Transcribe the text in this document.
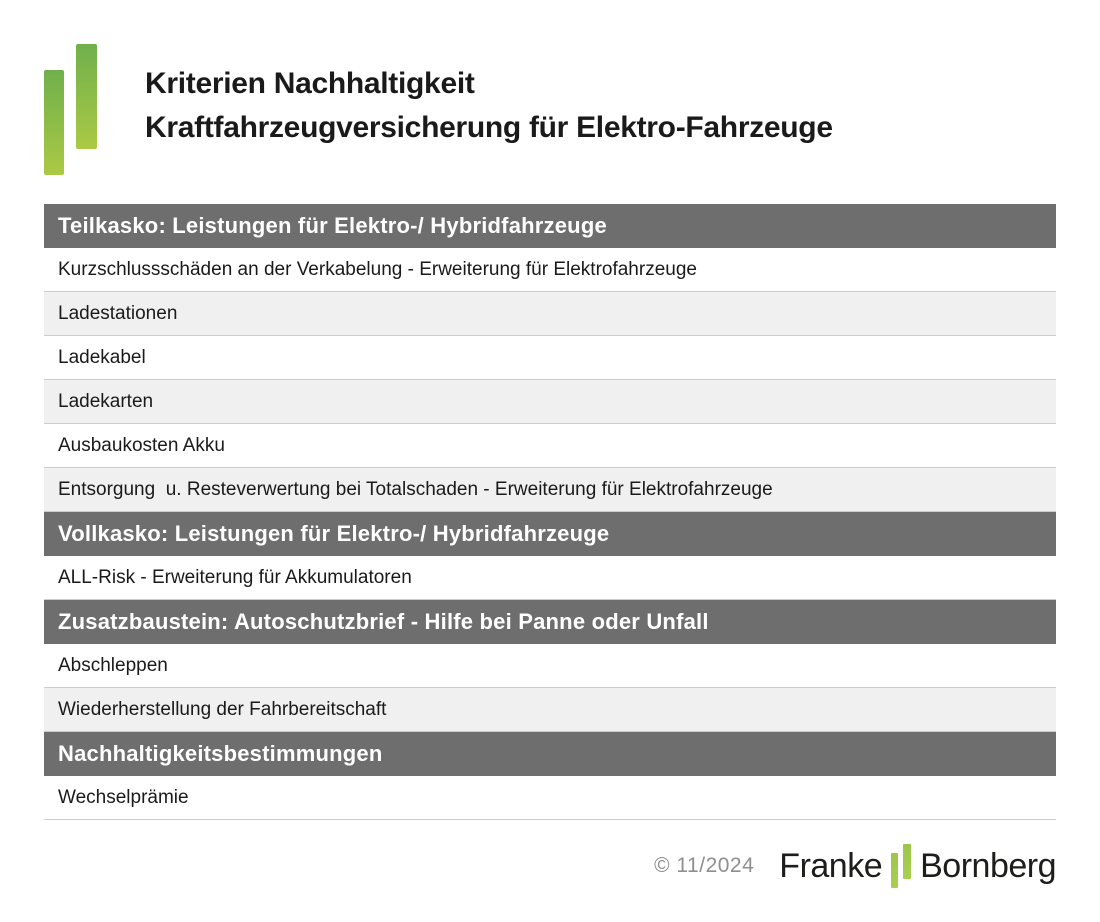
Kriterien Nachhaltigkeit
Kraftfahrzeugversicherung für Elektro-Fahrzeuge
Teilkasko: Leistungen für Elektro-/ Hybridfahrzeuge
Kurzschlussschäden an der Verkabelung - Erweiterung für Elektrofahrzeuge
Ladestationen
Ladekabel
Ladekarten
Ausbaukosten Akku
Entsorgung  u. Resteverwertung bei Totalschaden - Erweiterung für Elektrofahrzeuge
Vollkasko: Leistungen für Elektro-/ Hybridfahrzeuge
ALL-Risk - Erweiterung für Akkumulatoren
Zusatzbaustein: Autoschutzbrief - Hilfe bei Panne oder Unfall
Abschleppen
Wiederherstellung der Fahrbereitschaft
Nachhaltigkeitsbestimmungen
Wechselprämie
© 11/2024 Franke Bornberg
